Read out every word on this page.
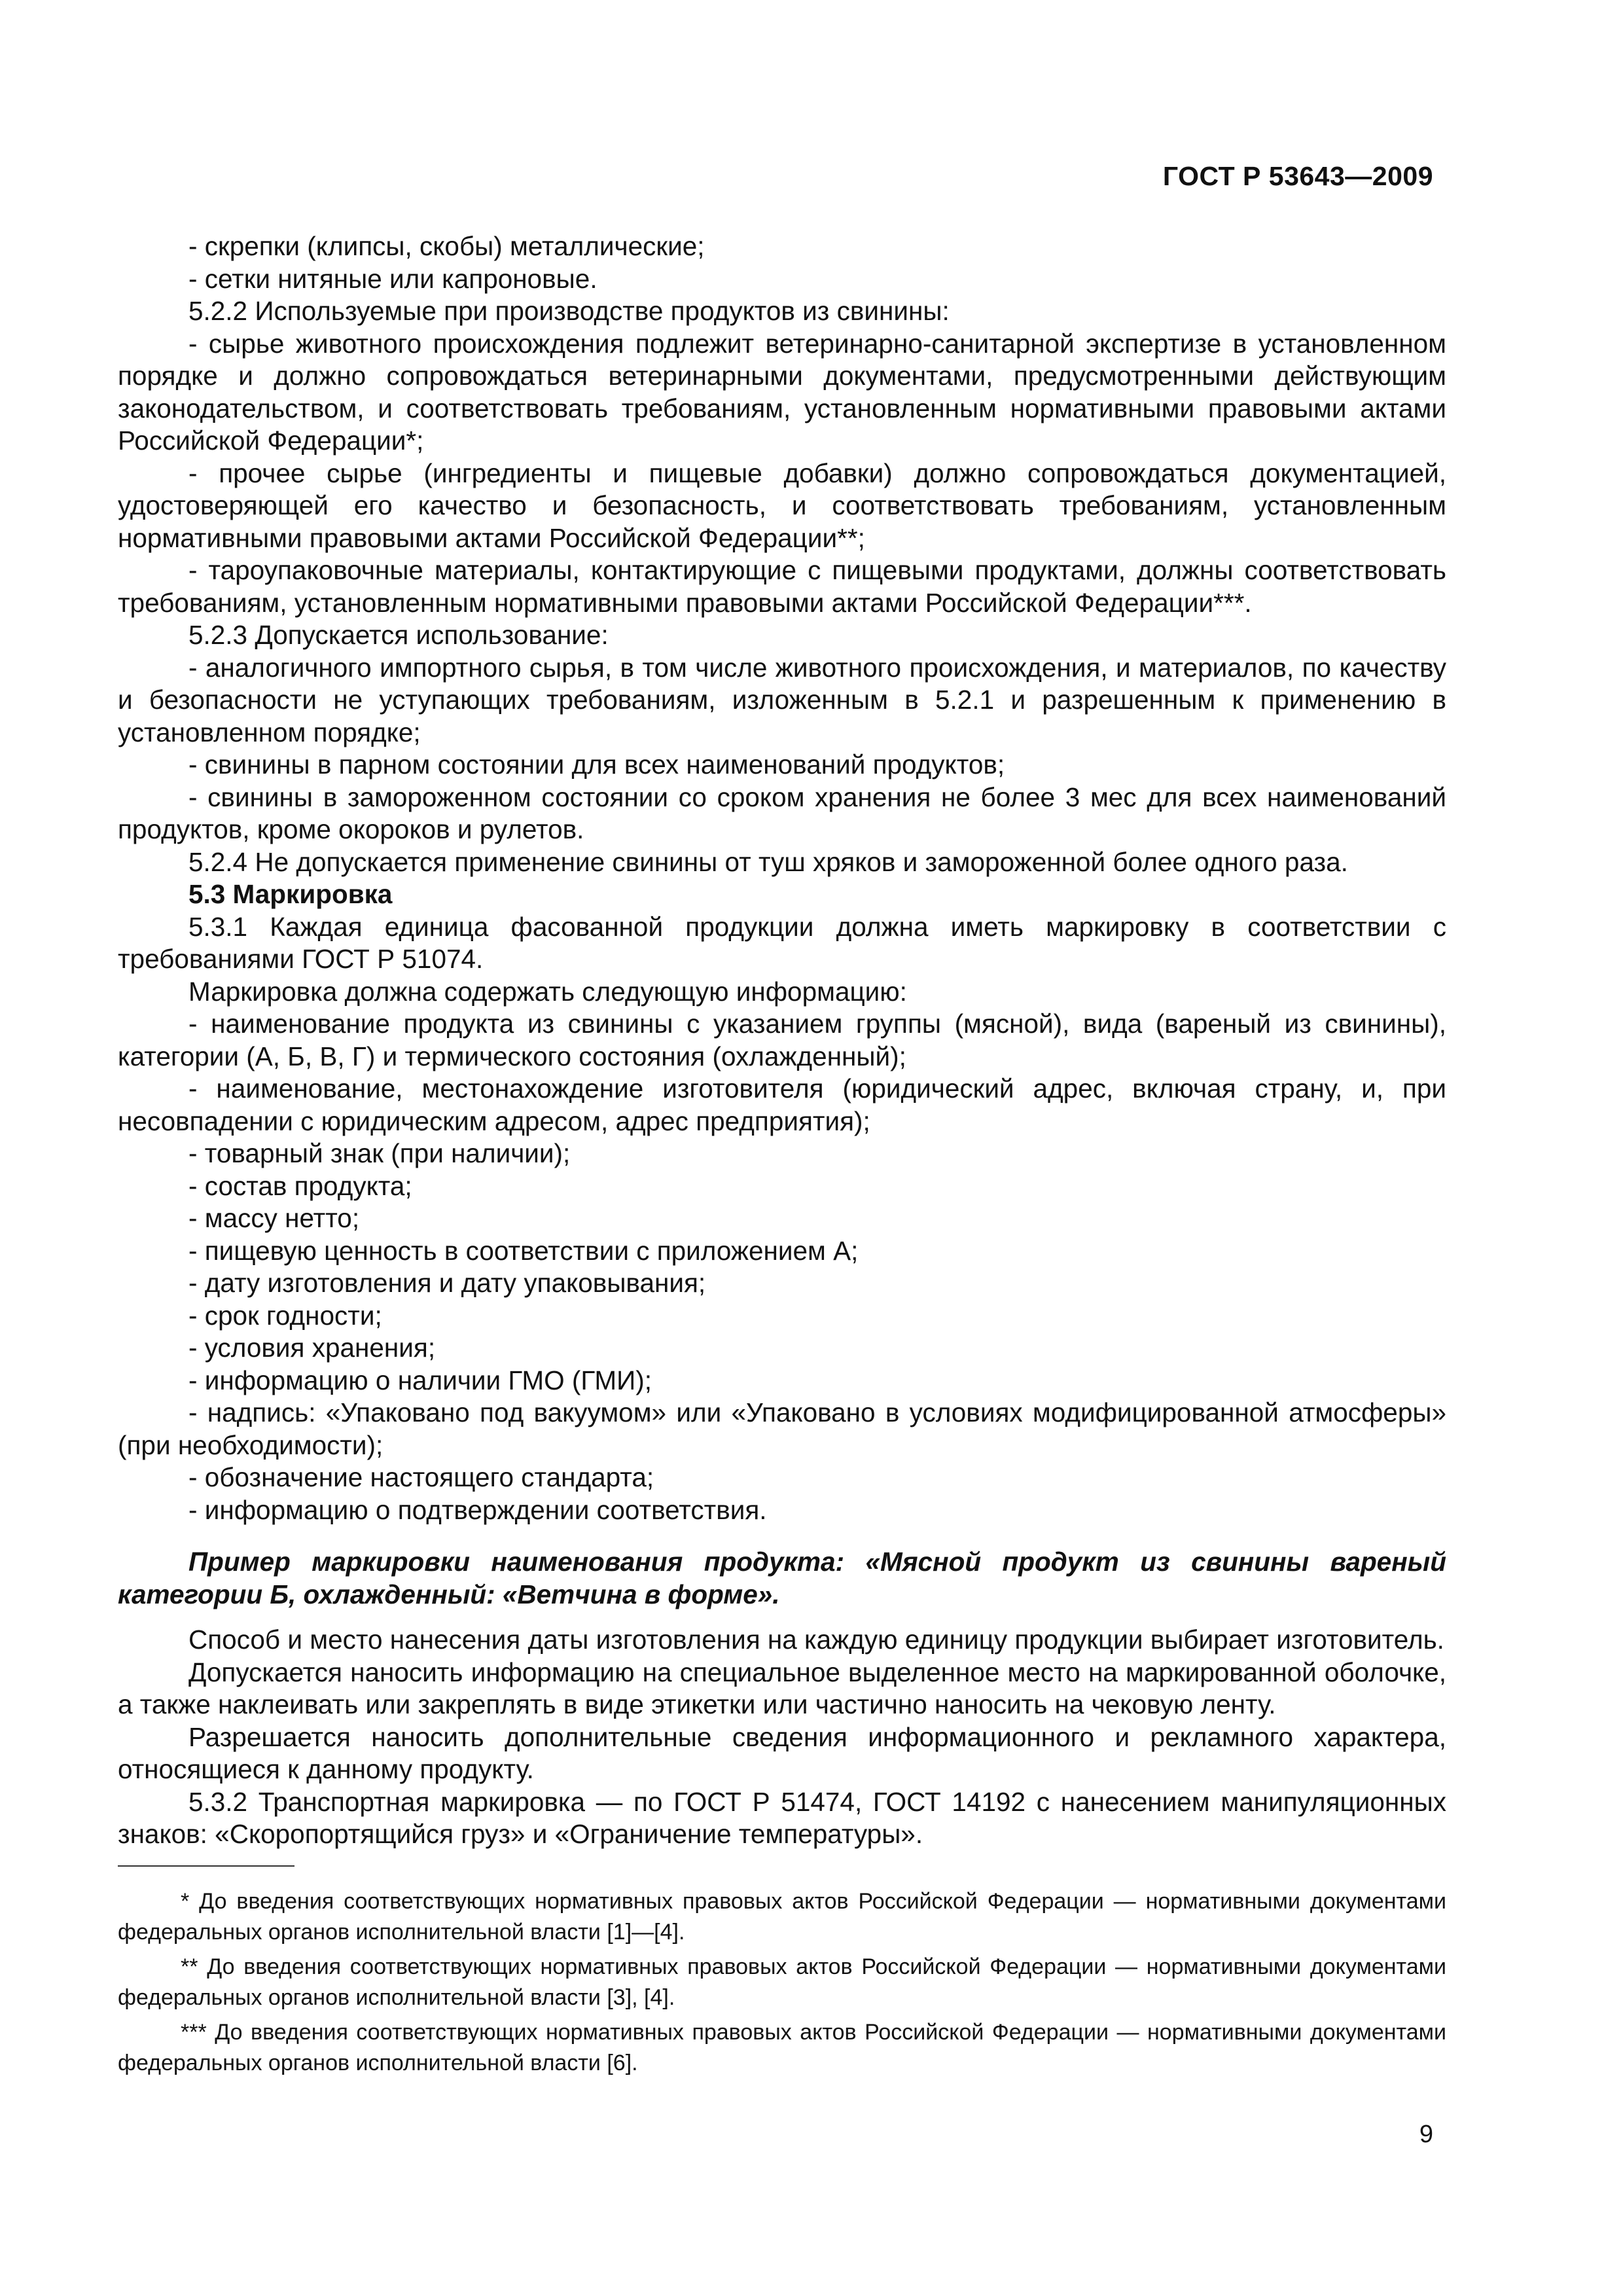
ГОСТ Р 53643—2009

- скрепки (клипсы, скобы) металлические;

- сетки нитяные или капроновые.

5.2.2 Используемые при производстве продуктов из свинины:

- сырье животного происхождения подлежит ветеринарно-санитарной экспертизе в установленном порядке и должно сопровождаться ветеринарными документами, предусмотренными действующим законодательством, и соответствовать требованиям, установленным нормативными правовыми актами Российской Федерации*;

- прочее сырье (ингредиенты и пищевые добавки) должно сопровождаться документацией, удостоверяющей его качество и безопасность, и соответствовать требованиям, установленным нормативными правовыми актами Российской Федерации**;

- тароупаковочные материалы, контактирующие с пищевыми продуктами, должны соответствовать требованиям, установленным нормативными правовыми актами Российской Федерации***.

5.2.3 Допускается использование:

- аналогичного импортного сырья, в том числе животного происхождения, и материалов, по качеству и безопасности не уступающих требованиям, изложенным в 5.2.1 и разрешенным к применению в установленном порядке;

- свинины в парном состоянии для всех наименований продуктов;

- свинины в замороженном состоянии со сроком хранения не более 3 мес для всех наименований продуктов, кроме окороков и рулетов.

5.2.4 Не допускается применение свинины от туш хряков и замороженной более одного раза.

5.3 Маркировка

5.3.1 Каждая единица фасованной продукции должна иметь маркировку в соответствии с требованиями ГОСТ Р 51074.

Маркировка должна содержать следующую информацию:

- наименование продукта из свинины с указанием группы (мясной), вида (вареный из свинины), категории (А, Б, В, Г) и термического состояния (охлажденный);

- наименование, местонахождение изготовителя (юридический адрес, включая страну, и, при несовпадении с юридическим адресом, адрес предприятия);

- товарный знак (при наличии);

- состав продукта;

- массу нетто;

- пищевую ценность в соответствии с приложением А;

- дату изготовления и дату упаковывания;

- срок годности;

- условия хранения;

- информацию о наличии ГМО (ГМИ);

- надпись: «Упаковано под вакуумом» или «Упаковано в условиях модифицированной атмосферы» (при необходимости);

- обозначение настоящего стандарта;

- информацию о подтверждении соответствия.

Пример маркировки наименования продукта: «Мясной продукт из свинины вареный категории Б, охлажденный: «Ветчина в форме».

Способ и место нанесения даты изготовления на каждую единицу продукции выбирает изготовитель.

Допускается наносить информацию на специальное выделенное место на маркированной оболочке, а также наклеивать или закреплять в виде этикетки или частично наносить на чековую ленту.

Разрешается наносить дополнительные сведения информационного и рекламного характера, относящиеся к данному продукту.

5.3.2 Транспортная маркировка — по ГОСТ Р 51474, ГОСТ 14192 с нанесением манипуляционных знаков: «Скоропортящийся груз» и «Ограничение температуры».

* До введения соответствующих нормативных правовых актов Российской Федерации — нормативными документами федеральных органов исполнительной власти [1]—[4].

** До введения соответствующих нормативных правовых актов Российской Федерации — нормативными документами федеральных органов исполнительной власти [3], [4].

*** До введения соответствующих нормативных правовых актов Российской Федерации — нормативными документами федеральных органов исполнительной власти [6].

9
